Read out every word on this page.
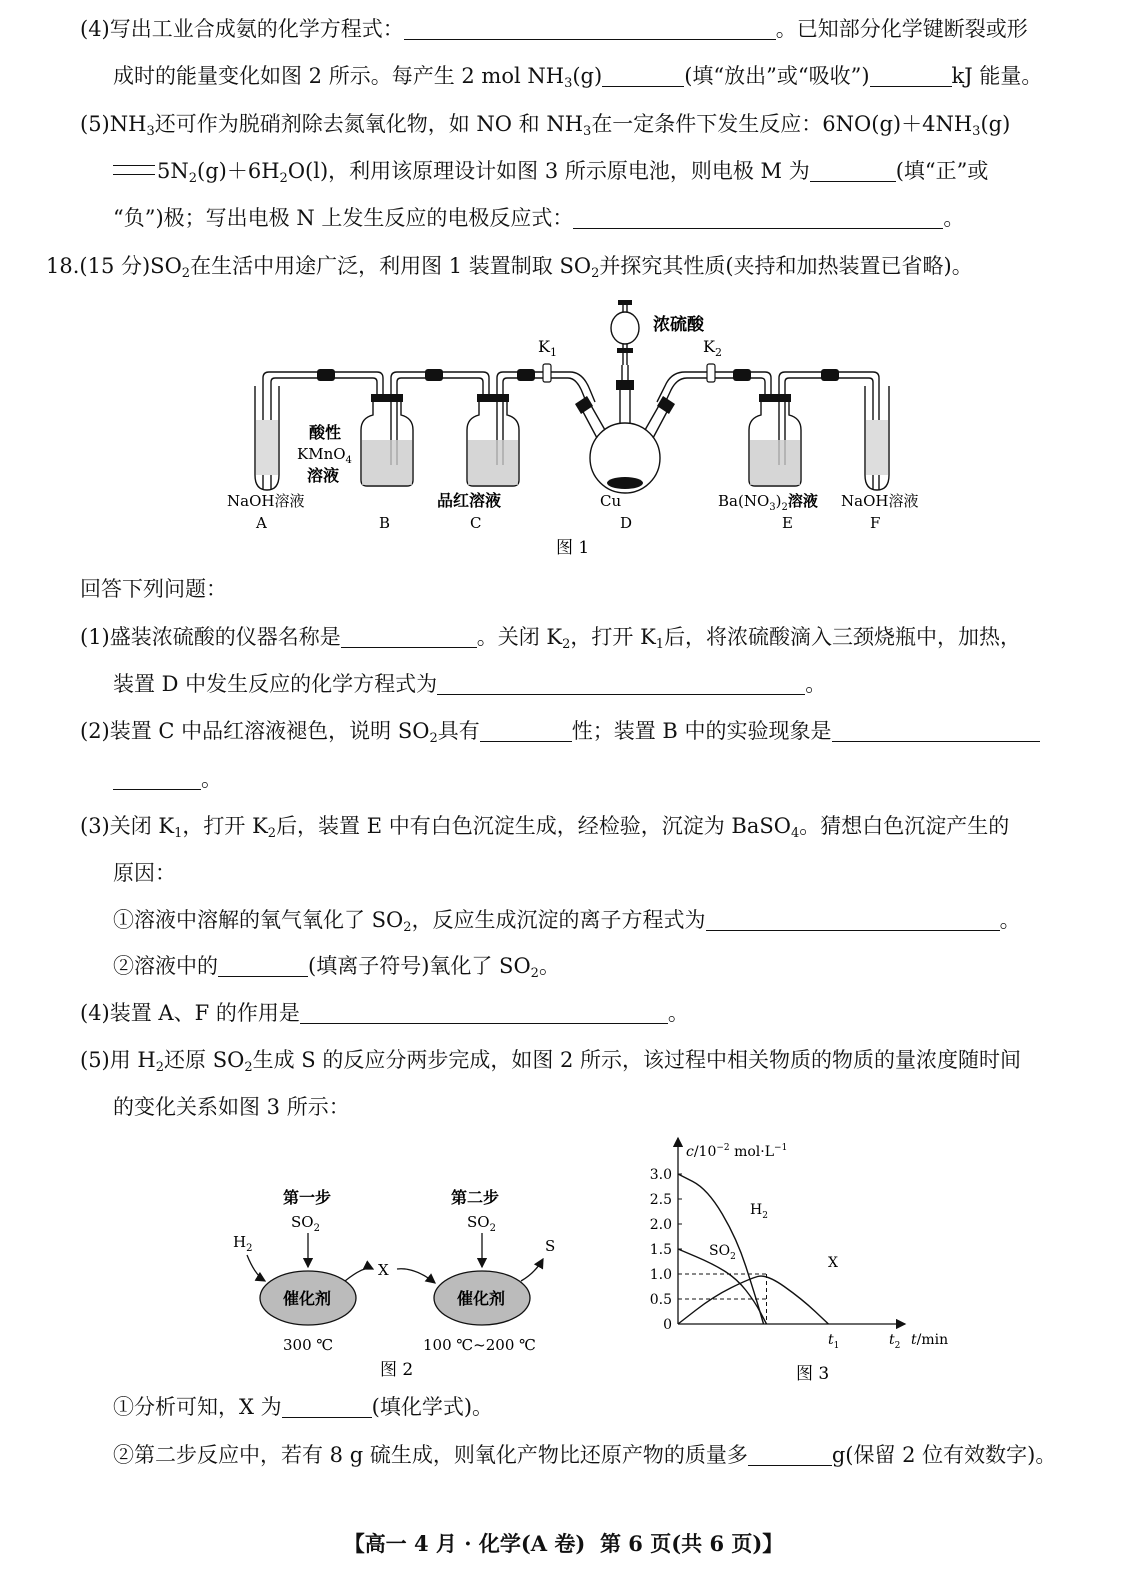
(4)写出工业合成氨的化学方程式：	。已知部分化学键断裂或形
成时的能量变化如图 2 所示。每产生 2 mol $NH_3(g)$	(填“放出”或“吸收”)	kJ 能量。
$(5)NH_3$还可作为脱硝剂除去氮氧化物，如 NO 和 $NH_3$在一定条件下发生反应：$6NO(g)+4NH_3(g)$
$5N_2(g)+6H_2O(l)$，利用该原理设计如图 3 所示原电池，则电极 M 为	(填“正”或
“负”)极；写出电极 N 上发生反应的电极反应式：	。
18.(15 分)$SO_2$在生活中用途广泛，利用图 1 装置制取 $SO_2$并探究其性质(夹持和加热装置已省略)。
浓硫酸
$K_1$	$K_2$
酸性
KMnO$_4$
溶液
NaOH溶液	品红溶液	Cu	$Ba(NO_3)_2$溶液 NaOH溶液
A	B	C	D	E	F
图 1
回答下列问题：
(1)盛装浓硫酸的仪器名称是	。关闭 $K_2$，打开 $K_1$后，将浓硫酸滴入三颈烧瓶中，加热，
装置 D 中发生反应的化学方程式为	。
(2)装置 C 中品红溶液褪色，说明 $SO_2$具有	性；装置 B 中的实验现象是
。
(3)关闭 $K_1$，打开 $K_2$后，装置 E 中有白色沉淀生成，经检验，沉淀为 BaSO$_4$。猜想白色沉淀产生的
原因：
①溶液中溶解的氧气氧化了 $SO_2$，反应生成沉淀的离子方程式为	。
②溶液中的	(填离子符号)氧化了 $SO_2$。
(4)装置 A、F 的作用是	。
(5)用 $H_2$还原 $SO_2$生成 S 的反应分两步完成，如图 2 所示，该过程中相关物质的物质的量浓度随时间
的变化关系如图 3 所示：
第一步	第二步
$SO_2$	$SO_2$
$H_2$
催化剂	催化剂
X
S
300 ℃	100 ℃~200 ℃
图 2
$c/10^{-2}$ $mol\cdot L^{-1}$
0
0.5
1.0
1.5
2.0
2.5
3.0
$H_2$
$SO_2$	X
$t_1$	$t_2$ t/min
图 3
①分析可知，X 为	(填化学式)。
②第二步反应中，若有 8 g 硫生成，则氧化产物比还原产物的质量多	g(保留 2 位有效数字)。
【高一 4 月 · 化学(A 卷) 第 6 页(共 6 页)】
